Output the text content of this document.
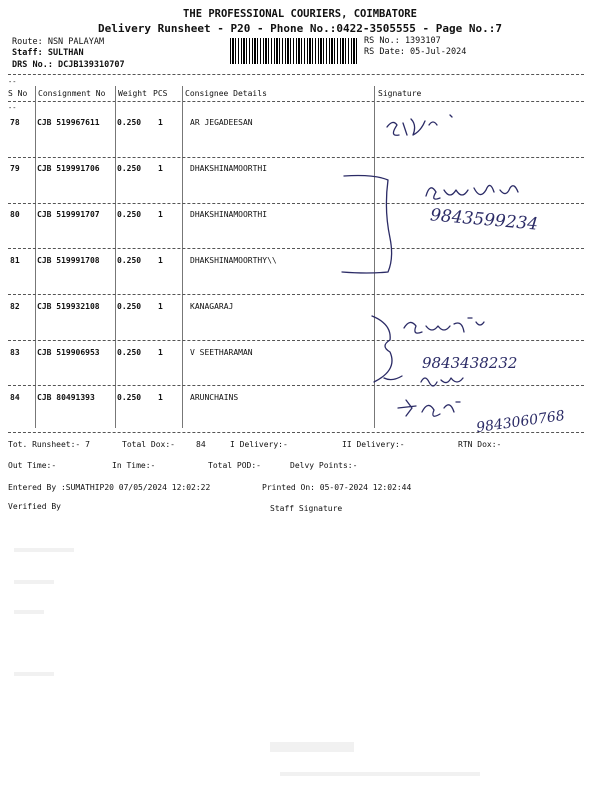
THE PROFESSIONAL COURIERS, COIMBATORE
Delivery Runsheet - P20 - Phone No.:0422-3505555 - Page No.:7
Route: NSN PALAYAM
Staff: SULTHAN
DRS No.: DCJB139310707
RS No.: 1393107
RS Date: 05-Jul-2024
--
S No Consignment No Weight PCS Consignee Details	Signature
--
78 CJB 519967611 0.250 1	AR JEGADEESAN
79 CJB 519991706 0.250 1	DHAKSHINAMOORTHI
80 CJB 519991707 0.250 1	DHAKSHINAMOORTHI
81 CJB 519991708 0.250 1	DHAKSHINAMOORTHY\\
82 CJB 519932108 0.250 1	KANAGARAJ
83 CJB 519906953 0.250 1	V SEETHARAMAN
84 CJB 80491393	0.250 1	ARUNCHAINS
9843599234
9843438232
9843060768
Tot. Runsheet:- 7	Total Dox:-	84	I Delivery:-	II Delivery:-	RTN Dox:-
Out Time:-	In Time:-	Total POD:-	Delvy Points:-
Entered By :SUMATHIP20 07/05/2024 12:02:22	Printed On: 05-07-2024 12:02:44
Verified By	Staff Signature
